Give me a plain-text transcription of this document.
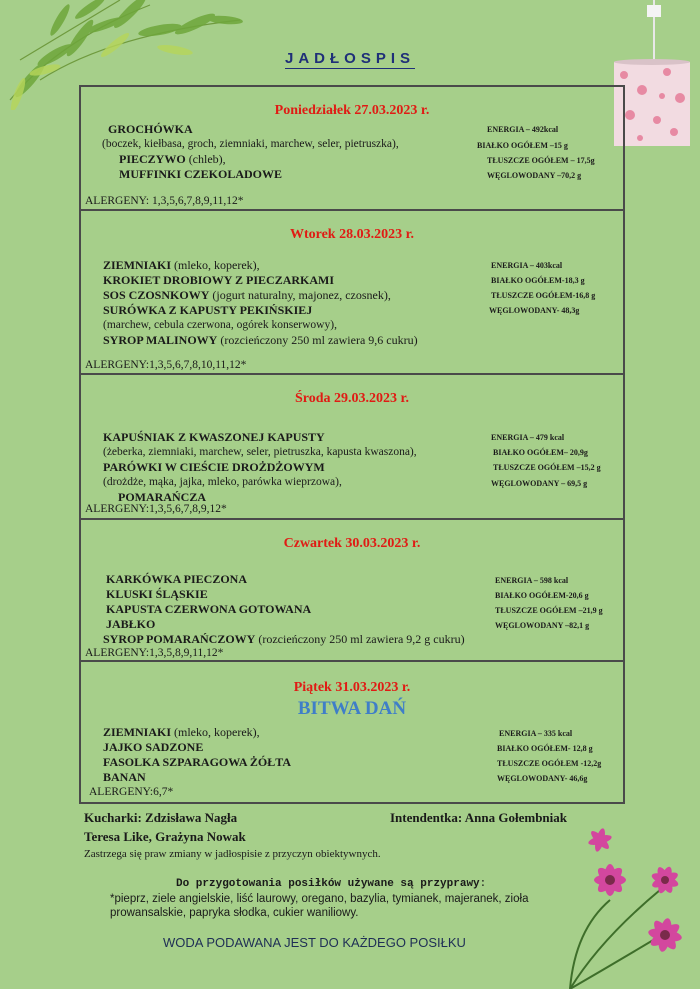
JADŁOSPIS
Poniedziałek 27.03.2023 r.
GROCHÓWKA
(boczek, kiełbasa, groch, ziemniaki, marchew, seler, pietruszka),
PIECZYWO (chleb),
MUFFINKI CZEKOLADOWE
ENERGIA – 492kcal
BIAŁKO OGÓŁEM –15 g
TŁUSZCZE OGÓŁEM – 17,5g
WĘGLOWODANY –70,2 g
ALERGENY: 1,3,5,6,7,8,9,11,12*
Wtorek 28.03.2023 r.
ZIEMNIAKI (mleko, koperek),
KROKIET DROBIOWY Z PIECZARKAMI
SOS CZOSNKOWY (jogurt naturalny, majonez, czosnek),
SURÓWKA Z KAPUSTY PEKIŃSKIEJ
(marchew, cebula czerwona, ogórek konserwowy),
SYROP MALINOWY (rozcieńczony 250 ml zawiera 9,6 cukru)
ENERGIA – 403kcal
BIAŁKO OGÓŁEM-18,3 g
TŁUSZCZE OGÓŁEM-16,8 g
WĘGLOWODANY- 48,3g
ALERGENY:1,3,5,6,7,8,10,11,12*
Środa 29.03.2023 r.
KAPUŚNIAK Z KWASZONEJ KAPUSTY
(żeberka, ziemniaki, marchew, seler, pietruszka, kapusta kwaszona),
PARÓWKI W CIEŚCIE DROŻDŻOWYM
(drożdże, mąka, jajka, mleko, parówka wieprzowa),
POMARAŃCZA
ENERGIA – 479 kcal
BIAŁKO OGÓŁEM– 20,9g
TŁUSZCZE OGÓŁEM –15,2 g
WĘGLOWODANY – 69,5 g
ALERGENY:1,3,5,6,7,8,9,12*
Czwartek 30.03.2023 r.
KARKÓWKA PIECZONA
KLUSKI ŚLĄSKIE
KAPUSTA CZERWONA GOTOWANA
JABŁKO
SYROP POMARAŃCZOWY (rozcieńczony 250 ml zawiera 9,2 g cukru)
ENERGIA – 598 kcal
BIAŁKO OGÓŁEM-20,6 g
TŁUSZCZE OGÓŁEM –21,9 g
WĘGLOWODANY –82,1 g
ALERGENY:1,3,5,8,9,11,12*
Piątek 31.03.2023 r.
BITWA DAŃ
ZIEMNIAKI (mleko, koperek),
JAJKO SADZONE
FASOLKA SZPARAGOWA ŻÓŁTA
BANAN
ENERGIA – 335 kcal
BIAŁKO OGÓŁEM- 12,8 g
TŁUSZCZE OGÓŁEM -12,2g
WĘGLOWODANY- 46,6g
ALERGENY:6,7*
Kucharki: Zdzisława Nagła	Intendentka: Anna Gołembniak
Teresa Like, Grażyna Nowak
Zastrzega się praw zmiany w jadłospisie z przyczyn obiektywnych.
Do przygotowania posiłków używane są przyprawy:
*pieprz, ziele angielskie, liść laurowy, oregano, bazylia, tymianek, majeranek, zioła
prowansalskie, papryka słodka, cukier waniliowy.
WODA PODAWANA JEST DO KAŻDEGO POSIŁKU
